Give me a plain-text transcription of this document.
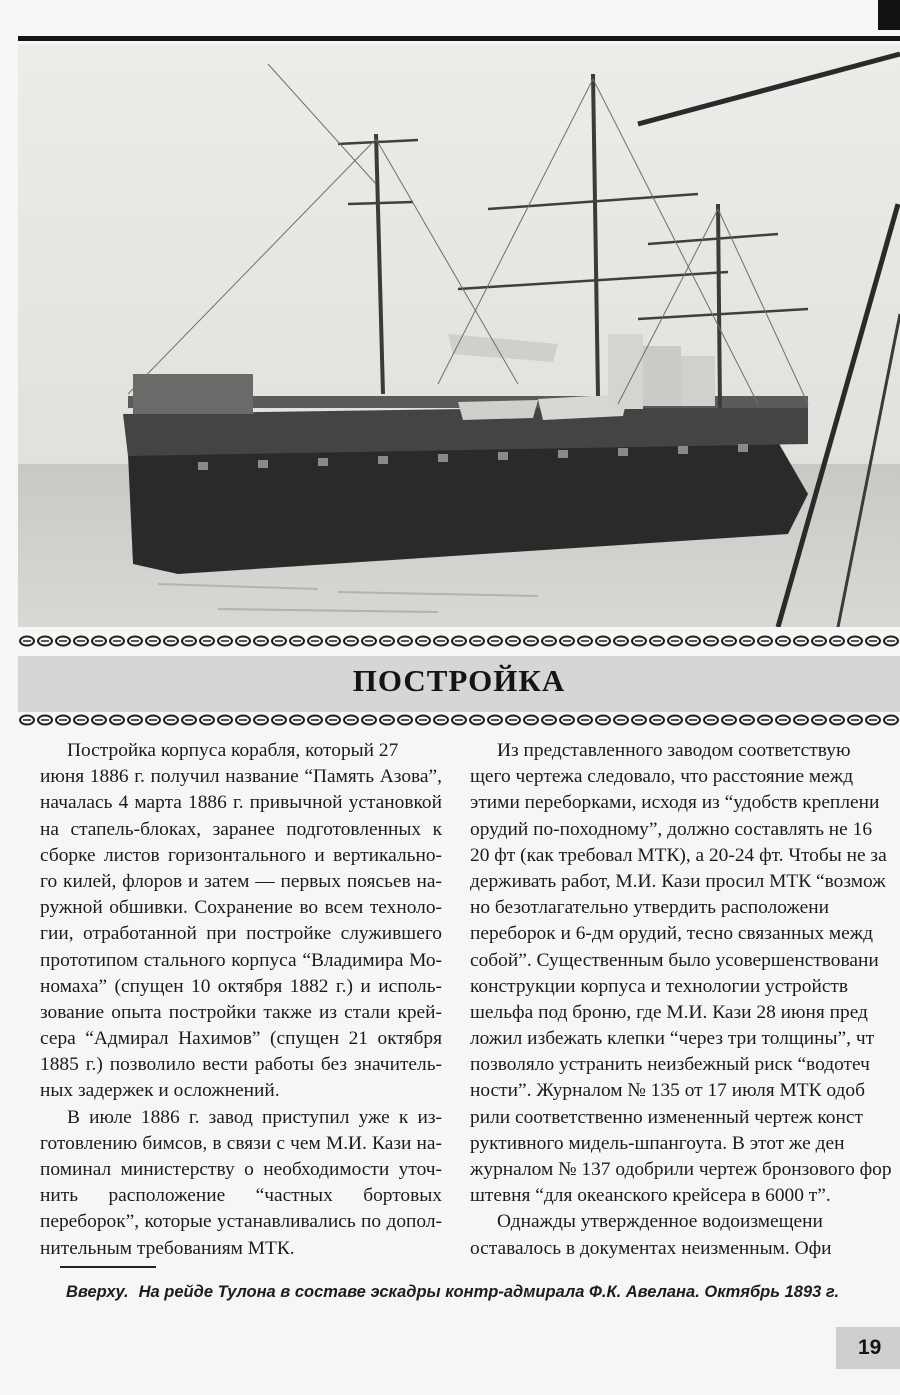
ПОСТРОЙКА

Постройка корпуса корабля, который 27
июня 1886 г. получил название “Память Азова”,
началась 4 марта 1886 г. привычной установкой
на стапель-блоках, заранее подготовленных к
сборке листов горизонтального и вертикально-
го килей, флоров и затем — первых поясьев на-
ружной обшивки. Сохранение во всем техноло-
гии, отработанной при постройке служившего
прототипом стального корпуса “Владимира Мо-
номаха” (спущен 10 октября 1882 г.) и исполь-
зование опыта постройки также из стали крей-
сера “Адмирал Нахимов” (спущен 21 октября
1885 г.) позволило вести работы без значитель-
ных задержек и осложнений.

В июле 1886 г. завод приступил уже к из-
готовлению бимсов, в связи с чем М.И. Кази на-
поминал министерству о необходимости уточ-
нить расположение “частных бортовых
переборок”, которые устанавливались по допол-
нительным требованиям МТК.

Из представленного заводом соответствую
щего чертежа следовало, что расстояние межд
этими переборками, исходя из “удобств креплени
орудий по-походному”, должно составлять не 16
20 фт (как требовал МТК), а 20-24 фт. Чтобы не за
держивать работ, М.И. Кази просил МТК “возмож
но безотлагательно утвердить расположени
переборок и 6-дм орудий, тесно связанных межд
собой”. Существенным было усовершенствовани
конструкции корпуса и технологии устройств
шельфа под броню, где М.И. Кази 28 июня пред
ложил избежать клепки “через три толщины”, чт
позволяло устранить неизбежный риск “водотеч
ности”. Журналом № 135 от 17 июля МТК одоб
рили соответственно измененный чертеж конст
руктивного мидель-шпангоута. В этот же ден
журналом № 137 одобрили чертеж бронзового фор
штевня “для океанского крейсера в 6000 т”.

Однажды утвержденное водоизмещени
оставалось в документах неизменным. Офи

Вверху. На рейде Тулона в составе эскадры контр-адмирала Ф.К. Авелана. Октябрь 1893 г.
19
